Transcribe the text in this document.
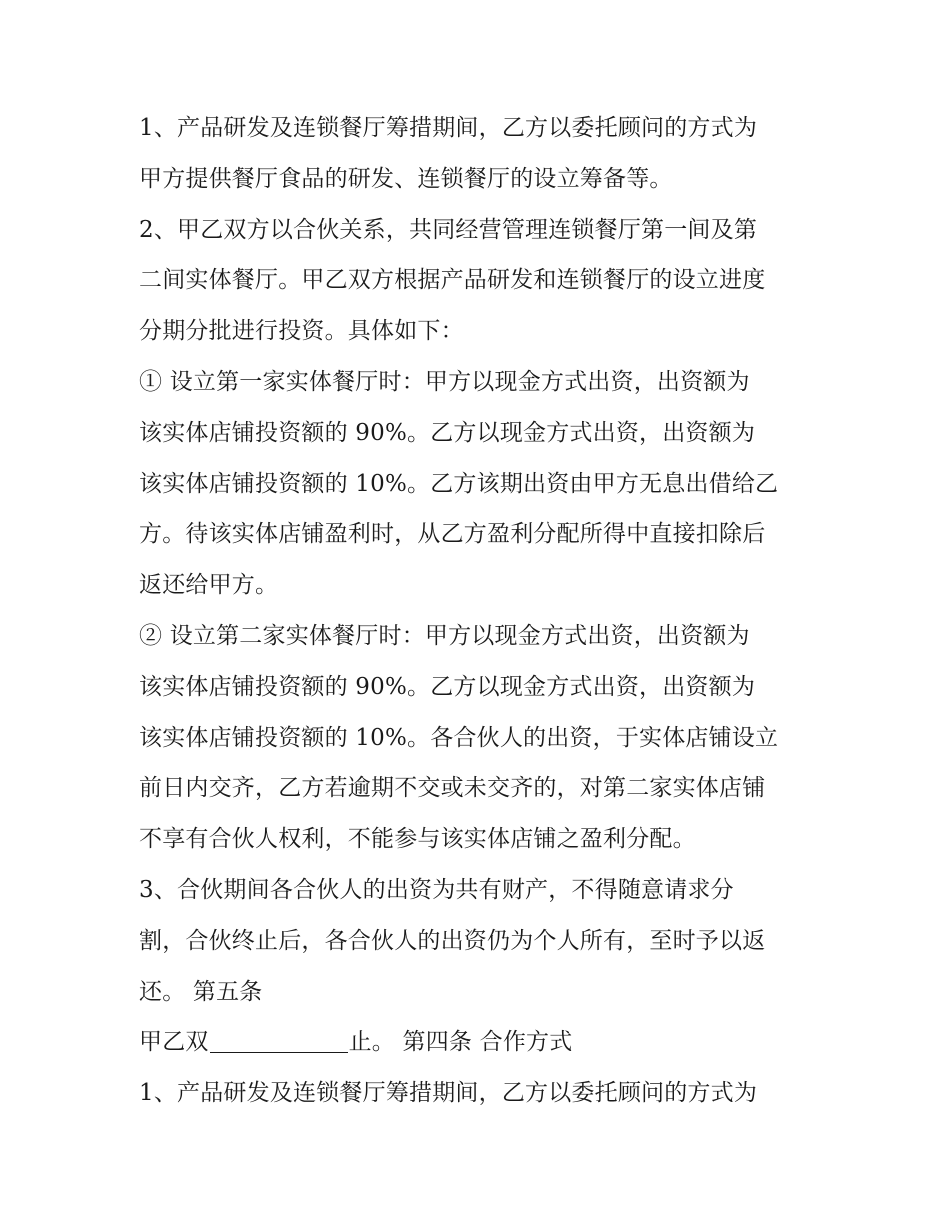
1、产品研发及连锁餐厅筹措期间，乙方以委托顾问的方式为
甲方提供餐厅食品的研发、连锁餐厅的设立筹备等。
2、甲乙双方以合伙关系，共同经营管理连锁餐厅第一间及第
二间实体餐厅。甲乙双方根据产品研发和连锁餐厅的设立进度
分期分批进行投资。具体如下：
① 设立第一家实体餐厅时：甲方以现金方式出资，出资额为
该实体店铺投资额的 90%。乙方以现金方式出资，出资额为
该实体店铺投资额的 10%。乙方该期出资由甲方无息出借给乙
方。待该实体店铺盈利时，从乙方盈利分配所得中直接扣除后
返还给甲方。
② 设立第二家实体餐厅时：甲方以现金方式出资，出资额为
该实体店铺投资额的 90%。乙方以现金方式出资，出资额为
该实体店铺投资额的 10%。各合伙人的出资，于实体店铺设立
前日内交齐，乙方若逾期不交或未交齐的，对第二家实体店铺
不享有合伙人权利，不能参与该实体店铺之盈利分配。
3、合伙期间各合伙人的出资为共有财产，不得随意请求分
割，合伙终止后，各合伙人的出资仍为个人所有，至时予以返
还。 第五条
甲乙双	止。 第四条 合作方式
1、产品研发及连锁餐厅筹措期间，乙方以委托顾问的方式为
